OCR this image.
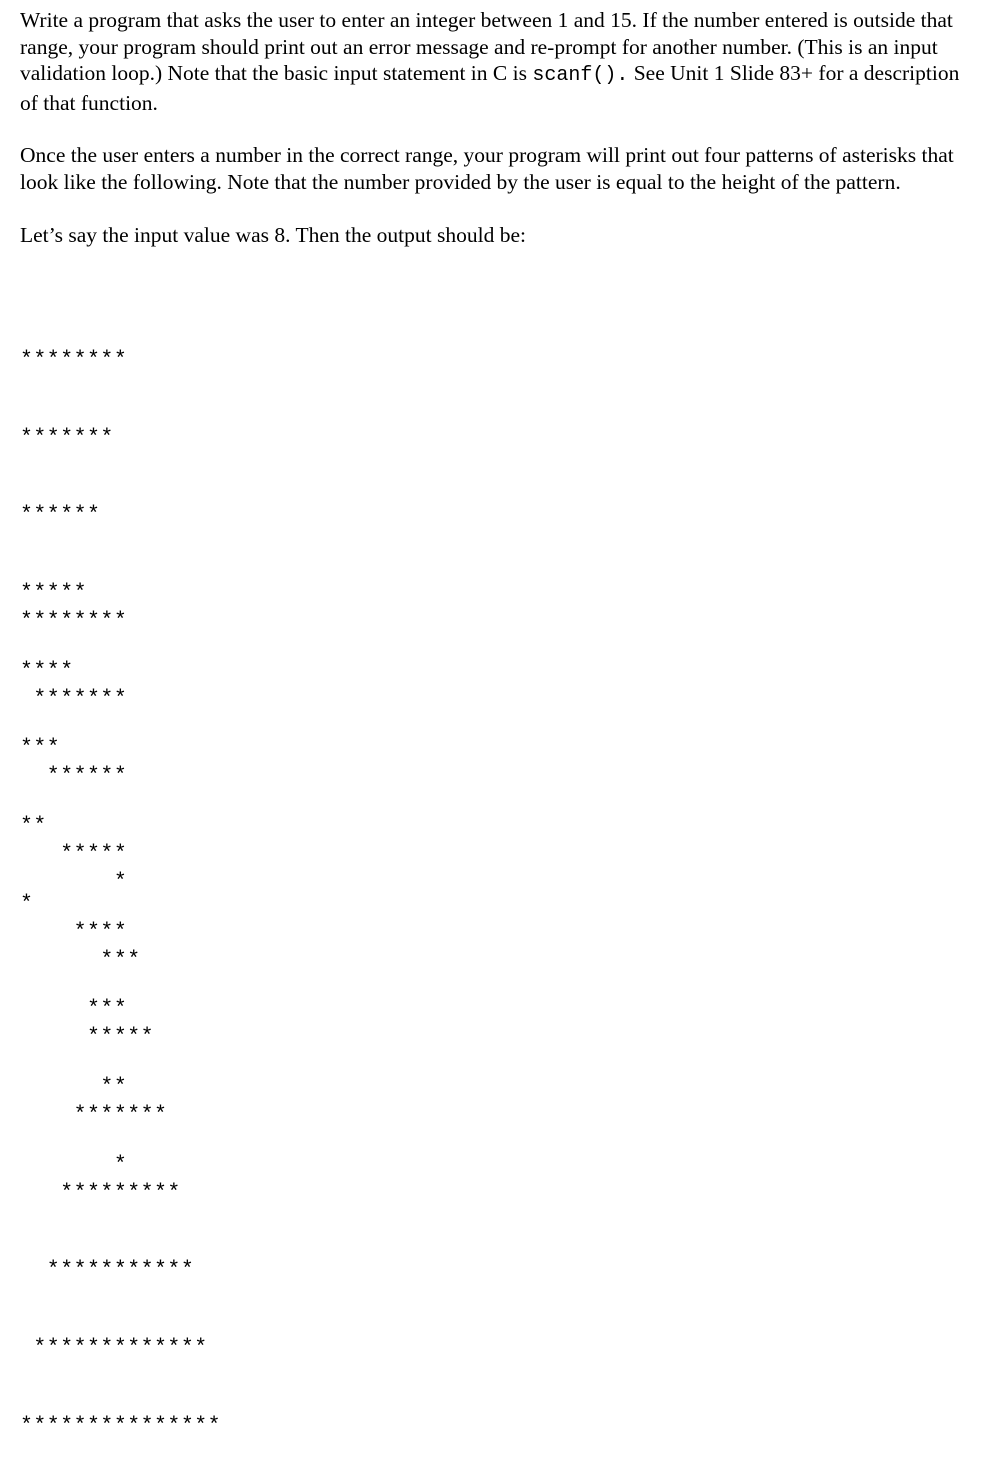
Write a program that asks the user to enter an integer between 1 and 15. If the number entered is outside that range, your program should print out an error message and re-prompt for another number. (This is an input validation loop.) Note that the basic input statement in C is scanf(). See Unit 1 Slide 83+ for a description of that function.

Once the user enters a number in the correct range, your program will print out four patterns of asterisks that look like the following. Note that the number provided by the user is equal to the height of the pattern.

Let’s say the input value was 8. Then the output should be:

********

*******

******

*****

****

***

**

*

********

*******

******

*****

****

***

**

*

*

***

*****

*******

*********

***********

*************

***************
